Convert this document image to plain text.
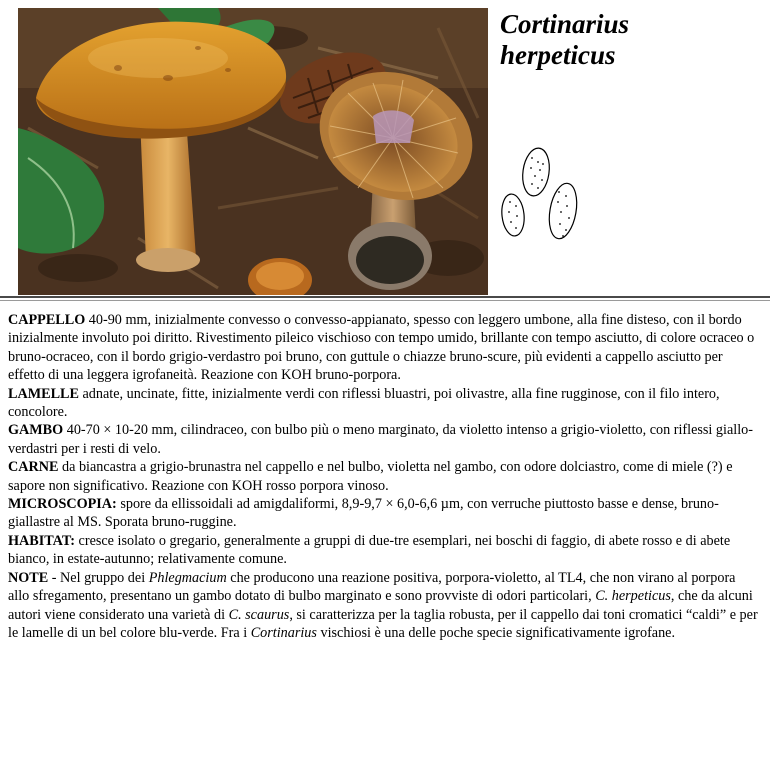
Cortinarius
herpeticus

CAPPELLO 40-90 mm, inizialmente convesso o convesso-appianato, spesso con leggero umbone, alla fine disteso, con il bordo inizialmente involuto poi diritto. Rivestimento pileico vischioso con tempo umido, brillante con tempo asciutto, di colore ocraceo o bruno-ocraceo, con il bordo grigio-verdastro poi bruno, con guttule o chiazze bruno-scure, più evidenti a cappello asciutto per effetto di una leggera igrofaneità. Reazione con KOH bruno-porpora.

LAMELLE adnate, uncinate, fitte, inizialmente verdi con riflessi bluastri, poi olivastre, alla fine rugginose, con il filo intero, concolore.

GAMBO 40-70 × 10-20 mm, cilindraceo, con bulbo più o meno marginato, da violetto intenso a grigio-violetto, con riflessi giallo-verdastri per i resti di velo.

CARNE da biancastra a grigio-brunastra nel cappello e nel bulbo, violetta nel gambo, con odore dolciastro, come di miele (?) e sapore non significativo. Reazione con KOH rosso porpora vinoso.

MICROSCOPIA: spore da ellissoidali ad amigdaliformi, 8,9-9,7 × 6,0-6,6 µm, con verruche piuttosto basse e dense, bruno-giallastre al MS. Sporata bruno-ruggine.

HABITAT: cresce isolato o gregario, generalmente a gruppi di due-tre esemplari, nei boschi di faggio, di abete rosso e di abete bianco, in estate-autunno; relativamente comune.

NOTE - Nel gruppo dei Phlegmacium che producono una reazione positiva, porpora-violetto, al TL4, che non virano al porpora allo sfregamento, presentano un gambo dotato di bulbo marginato e sono provviste di odori particolari, C. herpeticus, che da alcuni autori viene considerato una varietà di C. scaurus, si caratterizza per la taglia robusta, per il cappello dai toni cromatici “caldi” e per le lamelle di un bel colore blu-verde. Fra i Cortinarius vischiosi è una delle poche specie significativamente igrofane.
